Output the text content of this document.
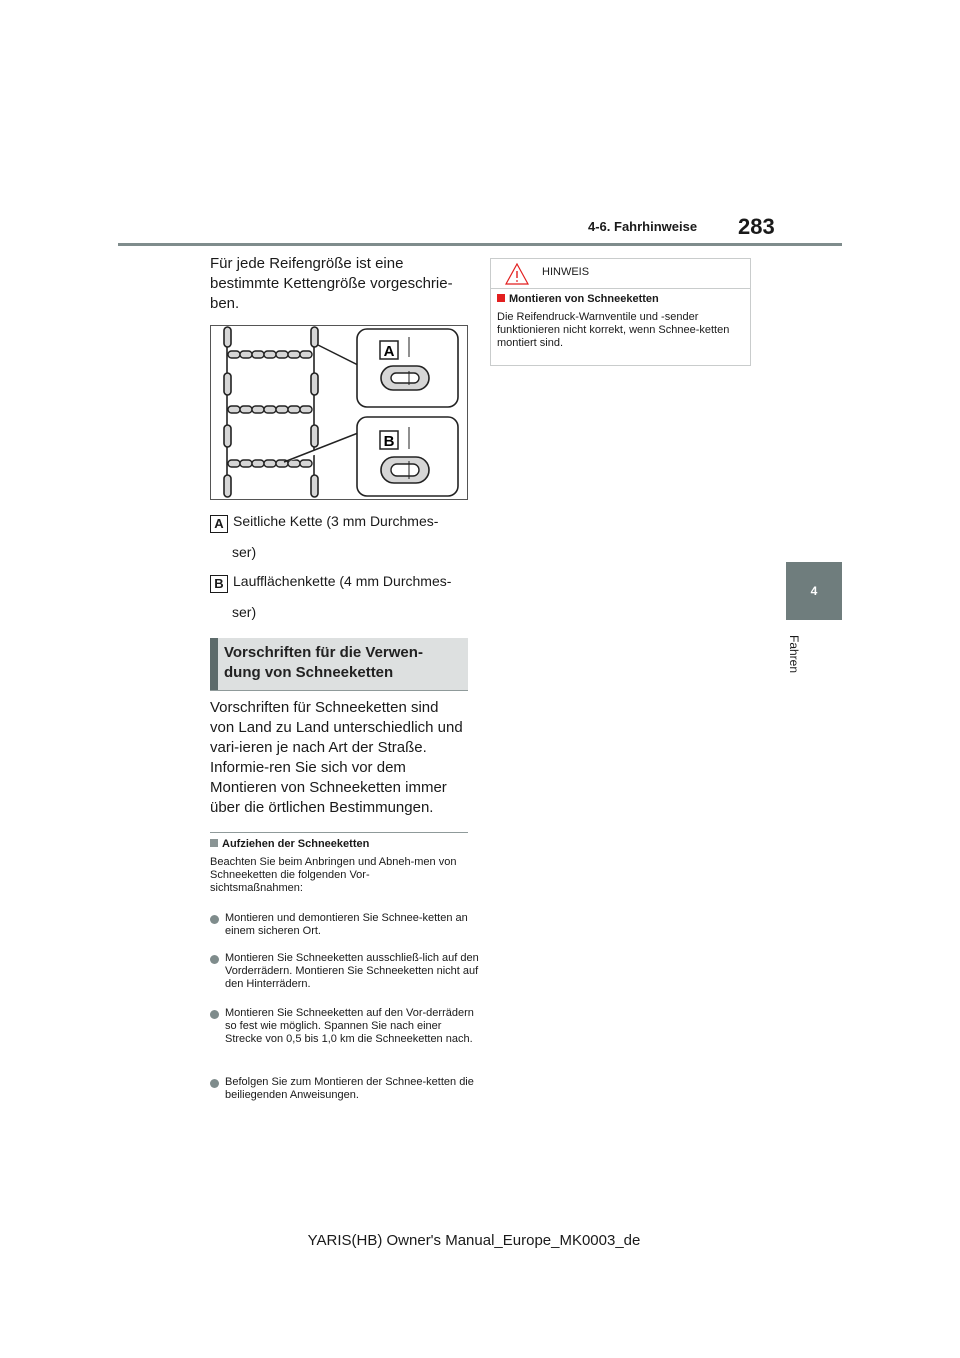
4-6. Fahrhinweise 283
4
Fahren
Für jede Reifengröße ist eine bestimmte Kettengröße vorgeschrie-ben.
A
B
A Seitliche Kette (3 mm Durchmes-
ser)
B Laufflächenkette (4 mm Durchmes-
ser)
Vorschriften für die Verwen-
dung von Schneeketten
Vorschriften für Schneeketten sind von Land zu Land unterschiedlich und vari-ieren je nach Art der Straße. Informie-ren Sie sich vor dem Montieren von Schneeketten immer über die örtlichen Bestimmungen.
Aufziehen der Schneeketten
Beachten Sie beim Anbringen und Abneh-men von Schneeketten die folgenden Vor-sichtsmaßnahmen:
Montieren und demontieren Sie Schnee-ketten an einem sicheren Ort.
Montieren Sie Schneeketten ausschließ-lich auf den Vorderrädern. Montieren Sie Schneeketten nicht auf den Hinterrädern.
Montieren Sie Schneeketten auf den Vor-derrädern so fest wie möglich. Spannen Sie nach einer Strecke von 0,5 bis 1,0 km die Schneeketten nach.
Befolgen Sie zum Montieren der Schnee-ketten die beiliegenden Anweisungen.
HINWEIS
Montieren von Schneeketten
Die Reifendruck-Warnventile und -sender funktionieren nicht korrekt, wenn Schnee-ketten montiert sind.
YARIS(HB) Owner's Manual_Europe_MK0003_de
